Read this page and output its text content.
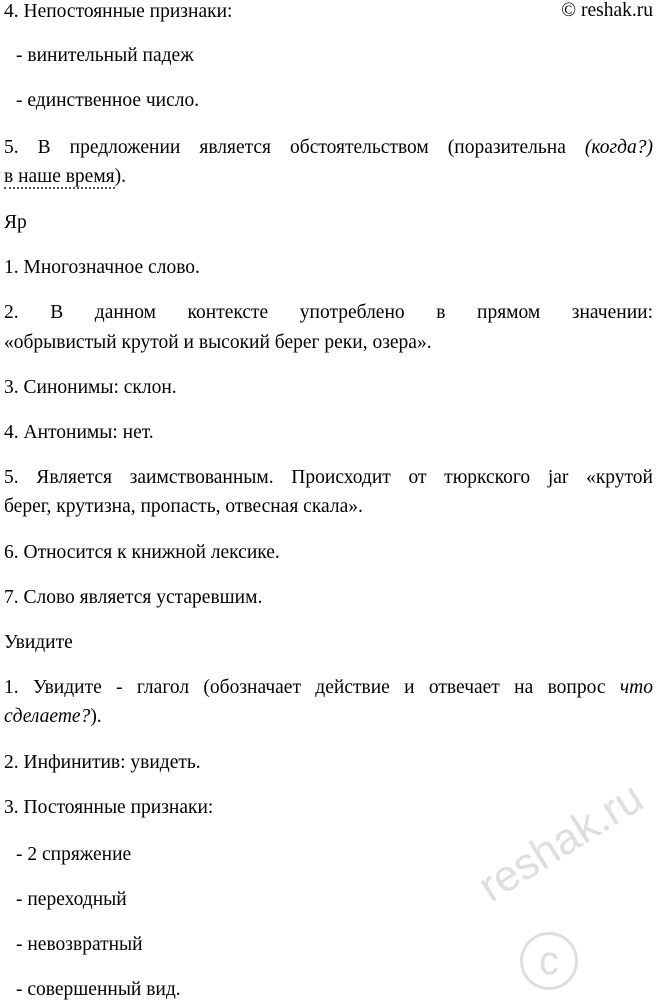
4. Непостоянные признаки:	© reshak.ru
- винительный падеж
- единственное число.
5. В предложении является обстоятельством (поразительна (когда?)
в наше время).
Яр
1. Многозначное слово.
2. В данном контексте употреблено в прямом значении:
«обрывистый крутой и высокий берег реки, озера».
3. Синонимы: склон.
4. Антонимы: нет.
5. Является заимствованным. Происходит от тюркского jar «крутой
берег, крутизна, пропасть, отвесная скала».
6. Относится к книжной лексике.
7. Слово является устаревшим.
Увидите
1. Увидите - глагол (обозначает действие и отвечает на вопрос что
сделаете?).
2. Инфинитив: увидеть.
3. Постоянные признаки:
- 2 спряжение
- переходный
- невозвратный
- совершенный вид.
reshak.ru
c
